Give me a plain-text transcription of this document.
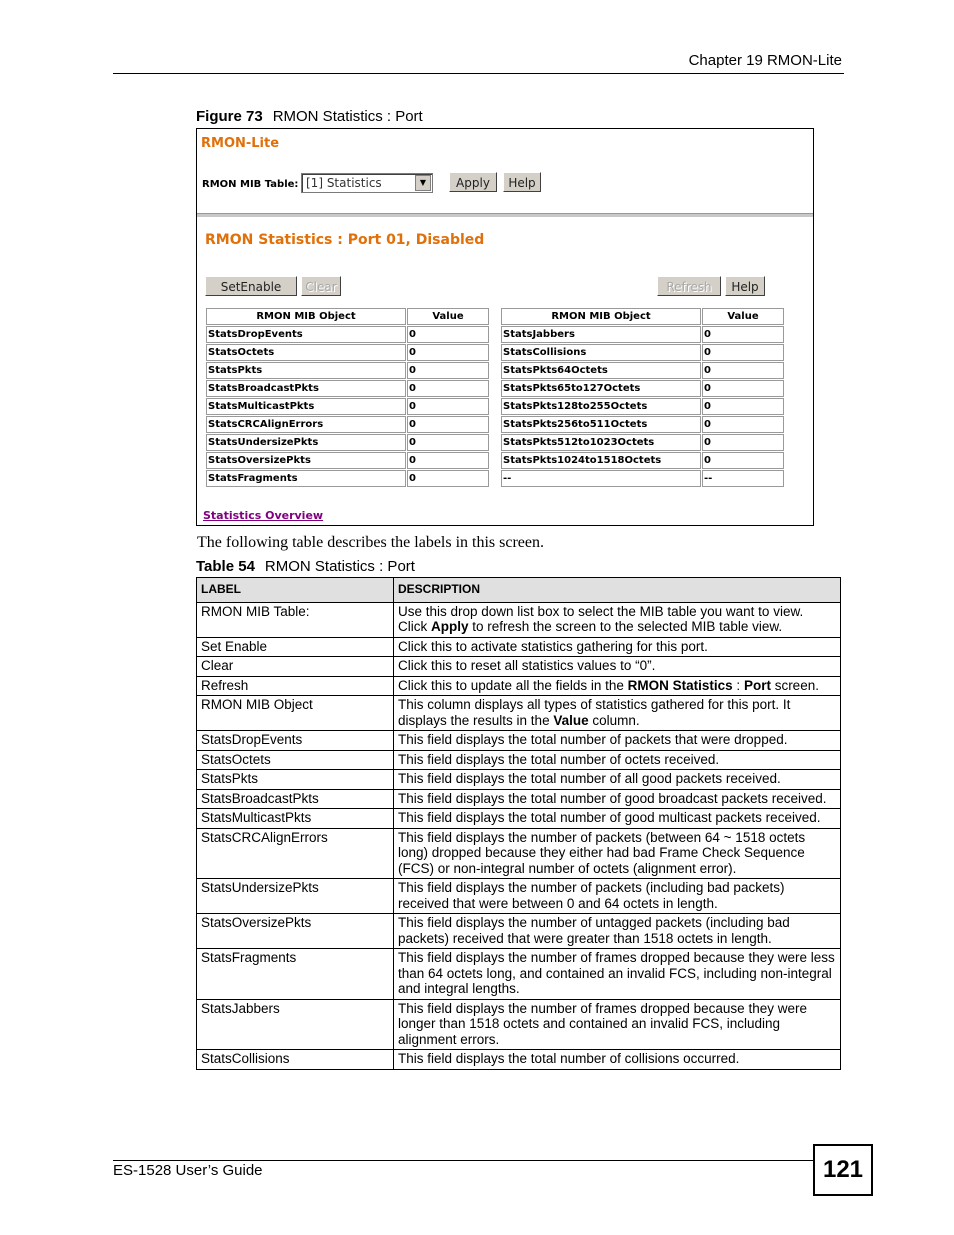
Chapter 19 RMON-Lite
Figure 73 RMON Statistics : Port
RMON-Lite
RMON MIB Table: [1] Statistics	▼	Apply	Help
RMON Statistics : Port 01, Disabled
SetEnable	Clear	Refresh	Help
RMON MIB Object	Value
StatsDropEvents	0
StatsOctets	0
StatsPkts	0
StatsBroadcastPkts	0
StatsMulticastPkts	0
StatsCRCAlignErrors	0
StatsUndersizePkts	0
StatsOversizePkts	0
StatsFragments	0
RMON MIB Object	Value
StatsJabbers	0
StatsCollisions	0
StatsPkts64Octets	0
StatsPkts65to127Octets	0
StatsPkts128to255Octets	0
StatsPkts256to511Octets	0
StatsPkts512to1023Octets	0
StatsPkts1024to1518Octets	0
--	--
Statistics Overview
The following table describes the labels in this screen.
Table 54 RMON Statistics : Port
LABEL	DESCRIPTION
RMON MIB Table:	Use this drop down list box to select the MIB table you want to view. Click Apply to refresh the screen to the selected MIB table view.
Set Enable	Click this to activate statistics gathering for this port.
Clear	Click this to reset all statistics values to “0”.
Refresh	Click this to update all the fields in the RMON Statistics : Port screen.
RMON MIB Object	This column displays all types of statistics gathered for this port. It displays the results in the Value column.
StatsDropEvents	This field displays the total number of packets that were dropped.
StatsOctets	This field displays the total number of octets received.
StatsPkts	This field displays the total number of all good packets received.
StatsBroadcastPkts	This field displays the total number of good broadcast packets received.
StatsMulticastPkts	This field displays the total number of good multicast packets received.
StatsCRCAlignErrors	This field displays the number of packets (between 64 ~ 1518 octets long) dropped because they either had bad Frame Check Sequence (FCS) or non-integral number of octets (alignment error).
StatsUndersizePkts	This field displays the number of packets (including bad packets) received that were between 0 and 64 octets in length.
StatsOversizePkts	This field displays the number of untagged packets (including bad packets) received that were greater than 1518 octets in length.
StatsFragments	This field displays the number of frames dropped because they were less than 64 octets long, and contained an invalid FCS, including non-integral and integral lengths.
StatsJabbers	This field displays the number of frames dropped because they were longer than 1518 octets and contained an invalid FCS, including alignment errors.
StatsCollisions	This field displays the total number of collisions occurred.
ES-1528 User’s Guide	121
